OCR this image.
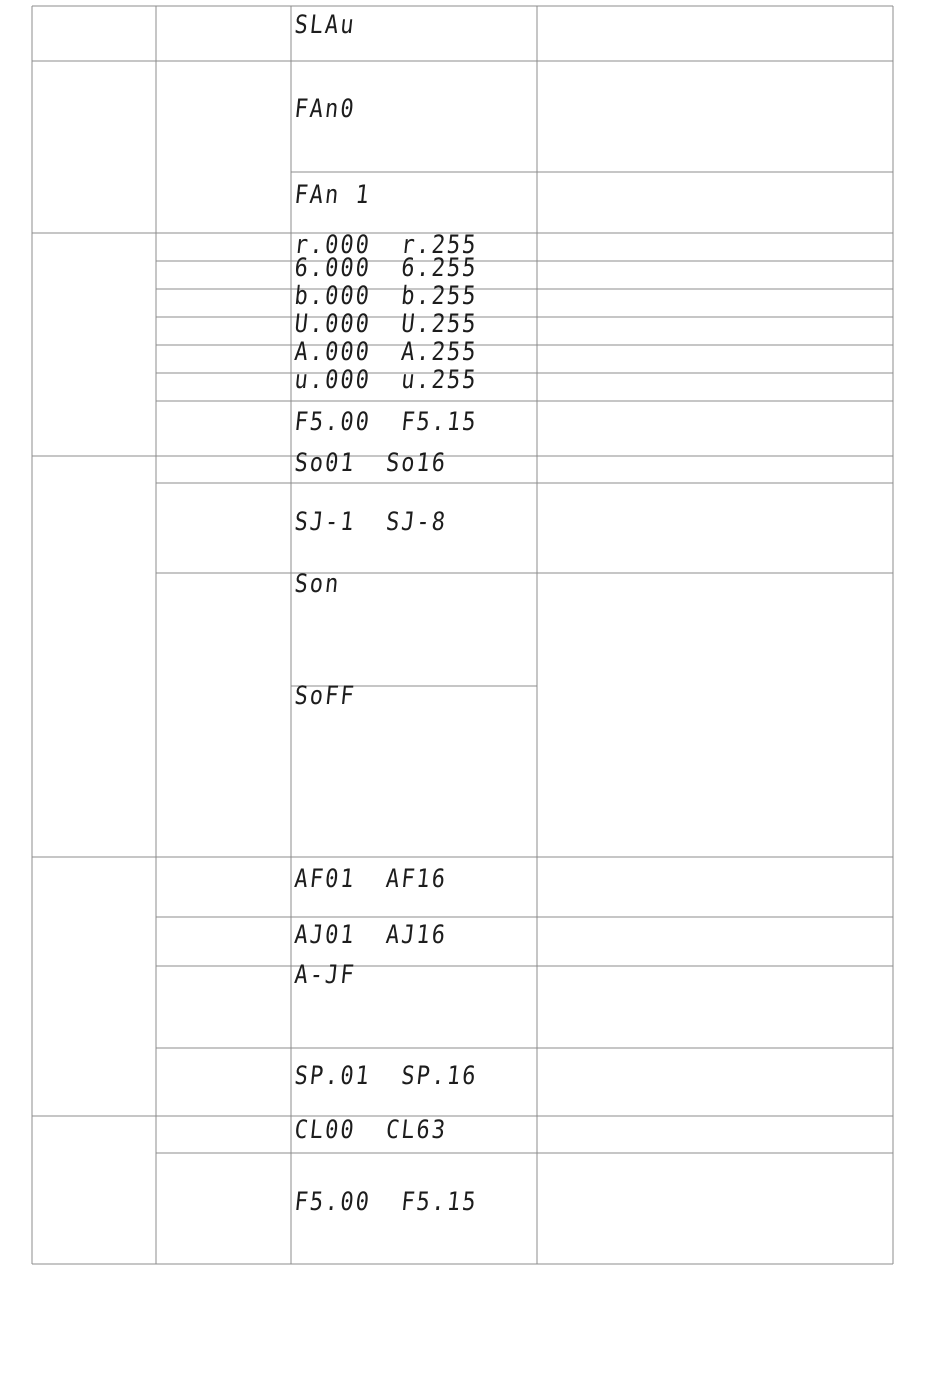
SLAu
FAn0
FAn 1
r.000  r.255
6.000  6.255
b.000  b.255
U.000  U.255
A.000  A.255
u.000  u.255
F5.00  F5.15
So01  So16
SJ-1  SJ-8
Son
SoFF
AF01  AF16
AJ01  AJ16
A-JF
SP.01  SP.16
CL00  CL63
F5.00  F5.15
